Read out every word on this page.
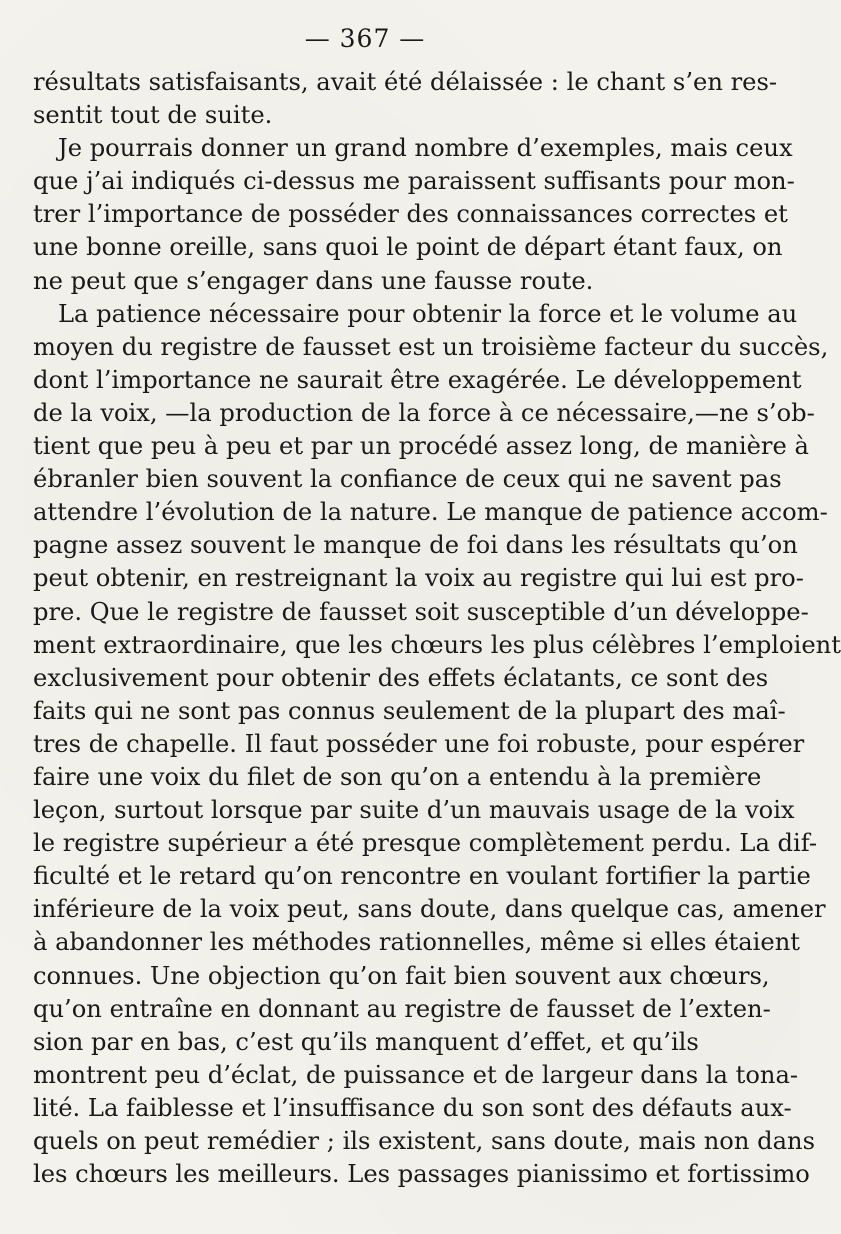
— 367 —
résultats satisfaisants, avait été délaissée : le chant s’en res-
sentit tout de suite.
Je pourrais donner un grand nombre d’exemples, mais ceux
que j’ai indiqués ci-dessus me paraissent suffisants pour mon-
trer l’importance de posséder des connaissances correctes et
une bonne oreille, sans quoi le point de départ étant faux, on
ne peut que s’engager dans une fausse route.
La patience nécessaire pour obtenir la force et le volume au
moyen du registre de fausset est un troisième facteur du succès,
dont l’importance ne saurait être exagérée. Le développement
de la voix, —la production de la force à ce nécessaire,—ne s’ob-
tient que peu à peu et par un procédé assez long, de manière à
ébranler bien souvent la confiance de ceux qui ne savent pas
attendre l’évolution de la nature. Le manque de patience accom-
pagne assez souvent le manque de foi dans les résultats qu’on
peut obtenir, en restreignant la voix au registre qui lui est pro-
pre. Que le registre de fausset soit susceptible d’un développe-
ment extraordinaire, que les chœurs les plus célèbres l’emploient
exclusivement pour obtenir des effets éclatants, ce sont des
faits qui ne sont pas connus seulement de la plupart des maî-
tres de chapelle. Il faut posséder une foi robuste, pour espérer
faire une voix du filet de son qu’on a entendu à la première
leçon, surtout lorsque par suite d’un mauvais usage de la voix
le registre supérieur a été presque complètement perdu. La dif-
ficulté et le retard qu’on rencontre en voulant fortifier la partie
inférieure de la voix peut, sans doute, dans quelque cas, amener
à abandonner les méthodes rationnelles, même si elles étaient
connues. Une objection qu’on fait bien souvent aux chœurs,
qu’on entraîne en donnant au registre de fausset de l’exten-
sion par en bas, c’est qu’ils manquent d’effet, et qu’ils
montrent peu d’éclat, de puissance et de largeur dans la tona-
lité. La faiblesse et l’insuffisance du son sont des défauts aux-
quels on peut remédier ; ils existent, sans doute, mais non dans
les chœurs les meilleurs. Les passages pianissimo et fortissimo
